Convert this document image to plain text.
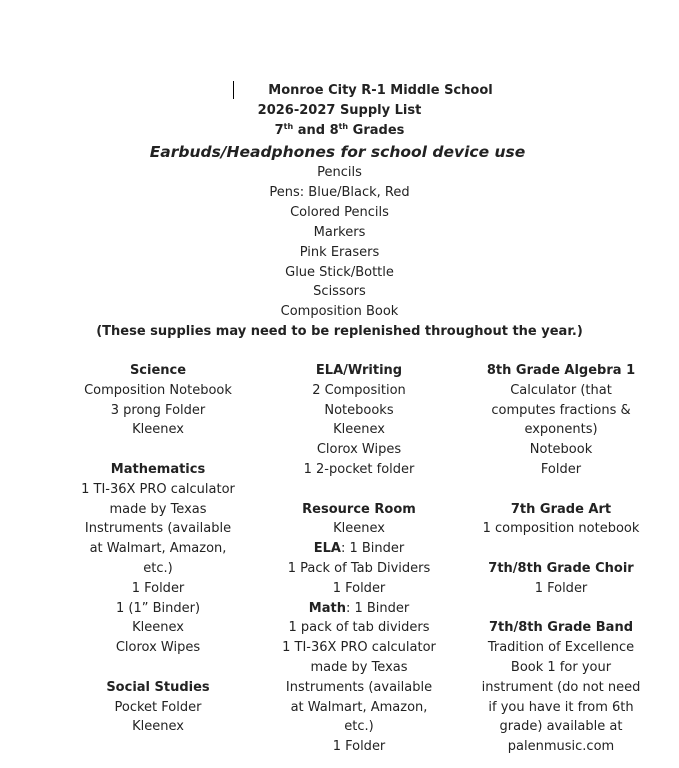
Monroe City R-1 Middle School
2026-2027 Supply List
7th and 8th Grades
Earbuds/Headphones for school device use
Pencils
Pens: Blue/Black, Red
Colored Pencils
Markers
Pink Erasers
Glue Stick/Bottle
Scissors
Composition Book
(These supplies may need to be replenished throughout the year.)
Science
Composition Notebook
3 prong Folder
Kleenex
Mathematics
1 TI-36X PRO calculator
made by Texas
Instruments (available
at Walmart, Amazon,
etc.)
1 Folder
1 (1” Binder)
Kleenex
Clorox Wipes
Social Studies
Pocket Folder
Kleenex
ELA/Writing
2 Composition
Notebooks
Kleenex
Clorox Wipes
1 2-pocket folder
Resource Room
Kleenex
ELA: 1 Binder
1 Pack of Tab Dividers
1 Folder
Math: 1 Binder
1 pack of tab dividers
1 TI-36X PRO calculator
made by Texas
Instruments (available
at Walmart, Amazon,
etc.)
1 Folder
8th Grade Algebra 1
Calculator (that
computes fractions &
exponents)
Notebook
Folder
7th Grade Art
1 composition notebook
7th/8th Grade Choir
1 Folder
7th/8th Grade Band
Tradition of Excellence
Book 1 for your
instrument (do not need
if you have it from 6th
grade) available at
palenmusic.com
